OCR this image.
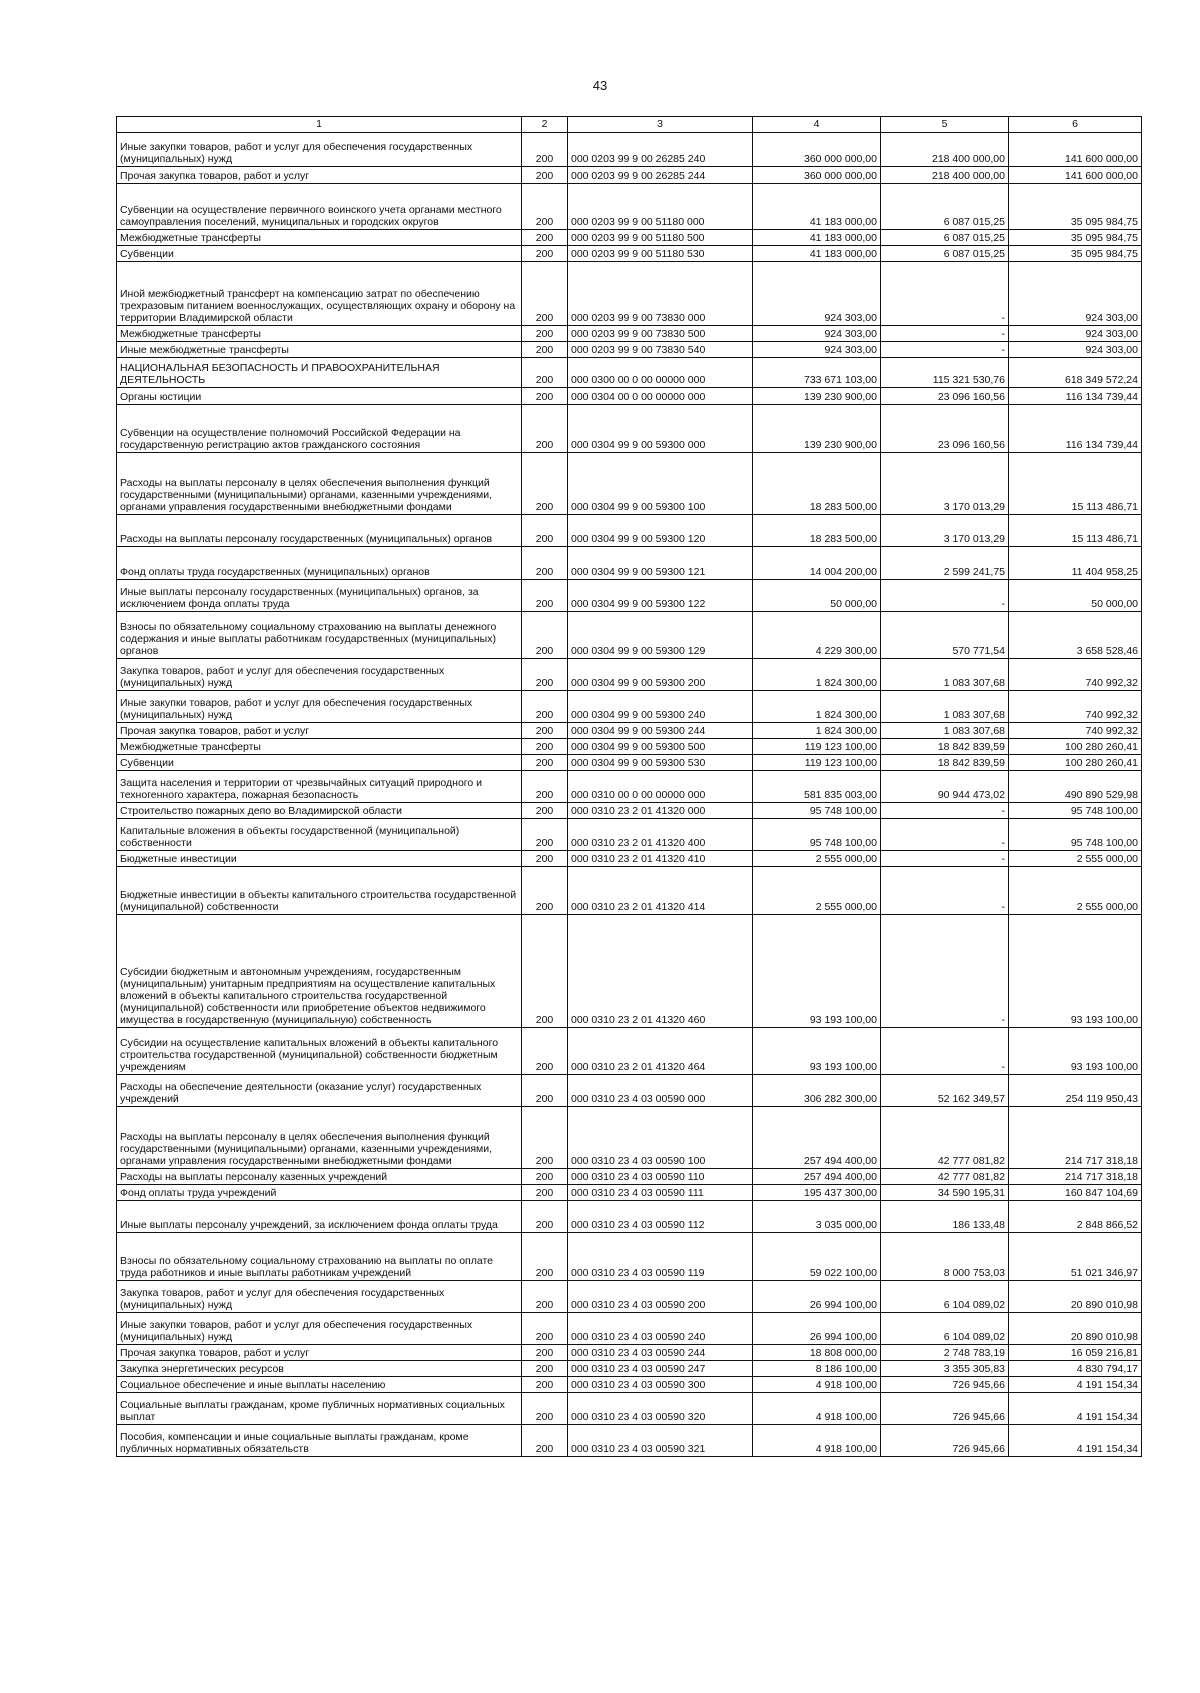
43
1	2	3	4	5	6
Иные закупки товаров, работ и услуг для обеспечения государственных (муниципальных) нужд	200	000 0203 99 9 00 26285 240	360 000 000,00	218 400 000,00	141 600 000,00
Прочая закупка товаров, работ и услуг	200	000 0203 99 9 00 26285 244	360 000 000,00	218 400 000,00	141 600 000,00
Субвенции на осуществление первичного воинского учета органами местного самоуправления поселений, муниципальных и городских округов	200	000 0203 99 9 00 51180 000	41 183 000,00	6 087 015,25	35 095 984,75
Межбюджетные трансферты	200	000 0203 99 9 00 51180 500	41 183 000,00	6 087 015,25	35 095 984,75
Субвенции	200	000 0203 99 9 00 51180 530	41 183 000,00	6 087 015,25	35 095 984,75
Иной межбюджетный трансферт на компенсацию затрат по обеспечению трехразовым питанием военнослужащих, осуществляющих охрану и оборону на территории Владимирской области	200	000 0203 99 9 00 73830 000	924 303,00	-	924 303,00
Межбюджетные трансферты	200	000 0203 99 9 00 73830 500	924 303,00	-	924 303,00
Иные межбюджетные трансферты	200	000 0203 99 9 00 73830 540	924 303,00	-	924 303,00
НАЦИОНАЛЬНАЯ БЕЗОПАСНОСТЬ И ПРАВООХРАНИТЕЛЬНАЯ ДЕЯТЕЛЬНОСТЬ	200	000 0300 00 0 00 00000 000	733 671 103,00	115 321 530,76	618 349 572,24
Органы юстиции	200	000 0304 00 0 00 00000 000	139 230 900,00	23 096 160,56	116 134 739,44
Субвенции на осуществление полномочий Российской Федерации на государственную регистрацию актов гражданского состояния	200	000 0304 99 9 00 59300 000	139 230 900,00	23 096 160,56	116 134 739,44
Расходы на выплаты персоналу в целях обеспечения выполнения функций государственными (муниципальными) органами, казенными учреждениями, органами управления государственными внебюджетными фондами	200	000 0304 99 9 00 59300 100	18 283 500,00	3 170 013,29	15 113 486,71
Расходы на выплаты персоналу государственных (муниципальных) органов	200	000 0304 99 9 00 59300 120	18 283 500,00	3 170 013,29	15 113 486,71
Фонд оплаты труда государственных (муниципальных) органов	200	000 0304 99 9 00 59300 121	14 004 200,00	2 599 241,75	11 404 958,25
Иные выплаты персоналу государственных (муниципальных) органов, за исключением фонда оплаты труда	200	000 0304 99 9 00 59300 122	50 000,00	-	50 000,00
Взносы по обязательному социальному страхованию на выплаты денежного содержания и иные выплаты работникам государственных (муниципальных) органов	200	000 0304 99 9 00 59300 129	4 229 300,00	570 771,54	3 658 528,46
Закупка товаров, работ и услуг для обеспечения государственных (муниципальных) нужд	200	000 0304 99 9 00 59300 200	1 824 300,00	1 083 307,68	740 992,32
Иные закупки товаров, работ и услуг для обеспечения государственных (муниципальных) нужд	200	000 0304 99 9 00 59300 240	1 824 300,00	1 083 307,68	740 992,32
Прочая закупка товаров, работ и услуг	200	000 0304 99 9 00 59300 244	1 824 300,00	1 083 307,68	740 992,32
Межбюджетные трансферты	200	000 0304 99 9 00 59300 500	119 123 100,00	18 842 839,59	100 280 260,41
Субвенции	200	000 0304 99 9 00 59300 530	119 123 100,00	18 842 839,59	100 280 260,41
Защита населения и территории от чрезвычайных ситуаций природного и техногенного характера, пожарная безопасность	200	000 0310 00 0 00 00000 000	581 835 003,00	90 944 473,02	490 890 529,98
Строительство пожарных депо во Владимирской области	200	000 0310 23 2 01 41320 000	95 748 100,00	-	95 748 100,00
Капитальные вложения в объекты государственной (муниципальной) собственности	200	000 0310 23 2 01 41320 400	95 748 100,00	-	95 748 100,00
Бюджетные инвестиции	200	000 0310 23 2 01 41320 410	2 555 000,00	-	2 555 000,00
Бюджетные инвестиции в объекты капитального строительства государственной (муниципальной) собственности	200	000 0310 23 2 01 41320 414	2 555 000,00	-	2 555 000,00
Субсидии бюджетным и автономным учреждениям, государственным (муниципальным) унитарным предприятиям на осуществление капитальных вложений в объекты капитального строительства государственной (муниципальной) собственности или приобретение объектов недвижимого имущества в государственную (муниципальную) собственность	200	000 0310 23 2 01 41320 460	93 193 100,00	-	93 193 100,00
Субсидии на осуществление капитальных вложений в объекты капитального строительства государственной (муниципальной) собственности бюджетным учреждениям	200	000 0310 23 2 01 41320 464	93 193 100,00	-	93 193 100,00
Расходы на обеспечение деятельности (оказание услуг) государственных учреждений	200	000 0310 23 4 03 00590 000	306 282 300,00	52 162 349,57	254 119 950,43
Расходы на выплаты персоналу в целях обеспечения выполнения функций государственными (муниципальными) органами, казенными учреждениями, органами управления государственными внебюджетными фондами	200	000 0310 23 4 03 00590 100	257 494 400,00	42 777 081,82	214 717 318,18
Расходы на выплаты персоналу казенных учреждений	200	000 0310 23 4 03 00590 110	257 494 400,00	42 777 081,82	214 717 318,18
Фонд оплаты труда учреждений	200	000 0310 23 4 03 00590 111	195 437 300,00	34 590 195,31	160 847 104,69
Иные выплаты персоналу учреждений, за исключением фонда оплаты труда	200	000 0310 23 4 03 00590 112	3 035 000,00	186 133,48	2 848 866,52
Взносы по обязательному социальному страхованию на выплаты по оплате труда работников и иные выплаты работникам учреждений	200	000 0310 23 4 03 00590 119	59 022 100,00	8 000 753,03	51 021 346,97
Закупка товаров, работ и услуг для обеспечения государственных (муниципальных) нужд	200	000 0310 23 4 03 00590 200	26 994 100,00	6 104 089,02	20 890 010,98
Иные закупки товаров, работ и услуг для обеспечения государственных (муниципальных) нужд	200	000 0310 23 4 03 00590 240	26 994 100,00	6 104 089,02	20 890 010,98
Прочая закупка товаров, работ и услуг	200	000 0310 23 4 03 00590 244	18 808 000,00	2 748 783,19	16 059 216,81
Закупка энергетических ресурсов	200	000 0310 23 4 03 00590 247	8 186 100,00	3 355 305,83	4 830 794,17
Социальное обеспечение и иные выплаты населению	200	000 0310 23 4 03 00590 300	4 918 100,00	726 945,66	4 191 154,34
Социальные выплаты гражданам, кроме публичных нормативных социальных выплат	200	000 0310 23 4 03 00590 320	4 918 100,00	726 945,66	4 191 154,34
Пособия, компенсации и иные социальные выплаты гражданам, кроме публичных нормативных обязательств	200	000 0310 23 4 03 00590 321	4 918 100,00	726 945,66	4 191 154,34
